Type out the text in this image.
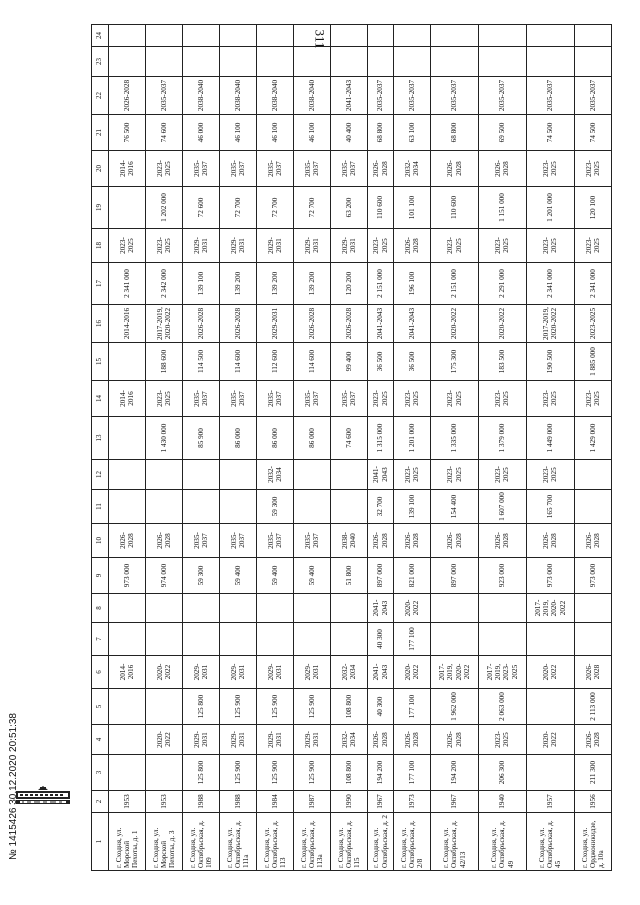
311
1	2	3	4	5	6	7	8	9	10	11	12	13	14	15	16	17	18	19	20	21	22	23	24
г. Сходня, ул. Морской Пехоты, д. 1	1953				2014-2016			973 000	2026-2028				2014-2016		2014-2016	2 341 000	2023-2025		2014-2016	76 500	2026-2028		
г. Сходня, ул. Морской Пехоты, д. 3	1953		2020-2022		2020-2022			974 000	2026-2028			1 430 000	2023-2025	188 600	2017-2019, 2020-2022	2 342 000	2023-2025	1 202 000	2023-2025	74 600	2035-2037		
г. Сходня, ул. Октябрьская, д. 109	1988	125 800	2029-2031	125 800	2029-2031			59 300	2035-2037			85 900	2035-2037	114 500	2026-2028	139 100	2029-2031	72 600	2035-2037	46 000	2038-2040		
г. Сходня, ул. Октябрьская, д. 111а	1988	125 900	2029-2031	125 900	2029-2031			59 400	2035-2037			86 000	2035-2037	114 600	2026-2028	139 200	2029-2031	72 700	2035-2037	46 100	2038-2040		
г. Сходня, ул. Октябрьская, д. 113	1984	125 900	2029-2031	125 900	2029-2031			59 400	2035-2037	59 300	2032-2034	86 000	2035-2037	112 600	2029-2031	139 200	2029-2031	72 700	2035-2037	46 100	2038-2040		
г. Сходня, ул. Октябрьская, д. 113а	1987	125 900	2029-2031	125 900	2029-2031			59 400	2035-2037			86 000	2035-2037	114 600	2026-2028	139 200	2029-2031	72 700	2035-2037	46 100	2038-2040		
г. Сходня, ул. Октябрьская, д. 115	1990	108 800	2032-2034	108 800	2032-2034			51 800	2038-2040			74 600	2035-2037	99 400	2026-2028	120 200	2029-2031	63 200	2035-2037	40 400	2041-2043		
г. Сходня, ул. Октябрьская, д. 2	1967	194 200	2026-2028	40 300	2041-2043	40 300	2041-2043	897 000	2026-2028	32 700	2041-2043	1 315 000	2023-2025	36 500	2041-2043	2 151 000	2023-2025	110 600	2026-2028	68 800	2035-2037		
г. Сходня, ул. Октябрьская, д. 2/8	1973	177 100	2026-2028	177 100	2020-2022	177 100	2020-2022	821 000	2026-2028	139 100	2023-2025	1 201 000	2023-2025	36 500	2041-2043	196 100	2026-2028	101 100	2032-2034	63 100	2035-2037		
г. Сходня, ул. Октябрьская, д. 42/13	1967	194 200	2026-2028	1 962 000	2017-2019, 2020-2022			897 000	2026-2028	154 400	2023-2025	1 335 000	2023-2025	175 300	2020-2022	2 151 000	2023-2025	110 600	2026-2028	68 800	2035-2037		
г. Сходня, ул. Октябрьская, д. 49	1940	206 300	2023-2025	2 063 000	2017-2019, 2023-2025			923 000	2026-2028	1 607 000	2023-2025	1 379 000	2023-2025	183 500	2020-2022	2 291 000	2023-2025	1 151 000	2026-2028	69 500	2035-2037		
г. Сходня, ул. Октябрьская, д. 45	1957		2020-2022		2020-2022		2017-2019, 2020-2022	973 000	2026-2028	165 700	2023-2025	1 449 000	2023-2025	190 500	2017-2019, 2020-2022	2 341 000	2023-2025	1 201 000	2023-2025	74 500	2035-2037		
г. Сходня, ул. Орджоникидзе, д. 10а	1956	211 300	2026-2028	2 113 000	2026-2028			973 000	2026-2028			1 429 000	2023-2025	1 885 000	2023-2025	2 341 000	2023-2025	120 100	2023-2025	74 500	2035-2037		
№ 1415426 30.12.2020 20:51:38
